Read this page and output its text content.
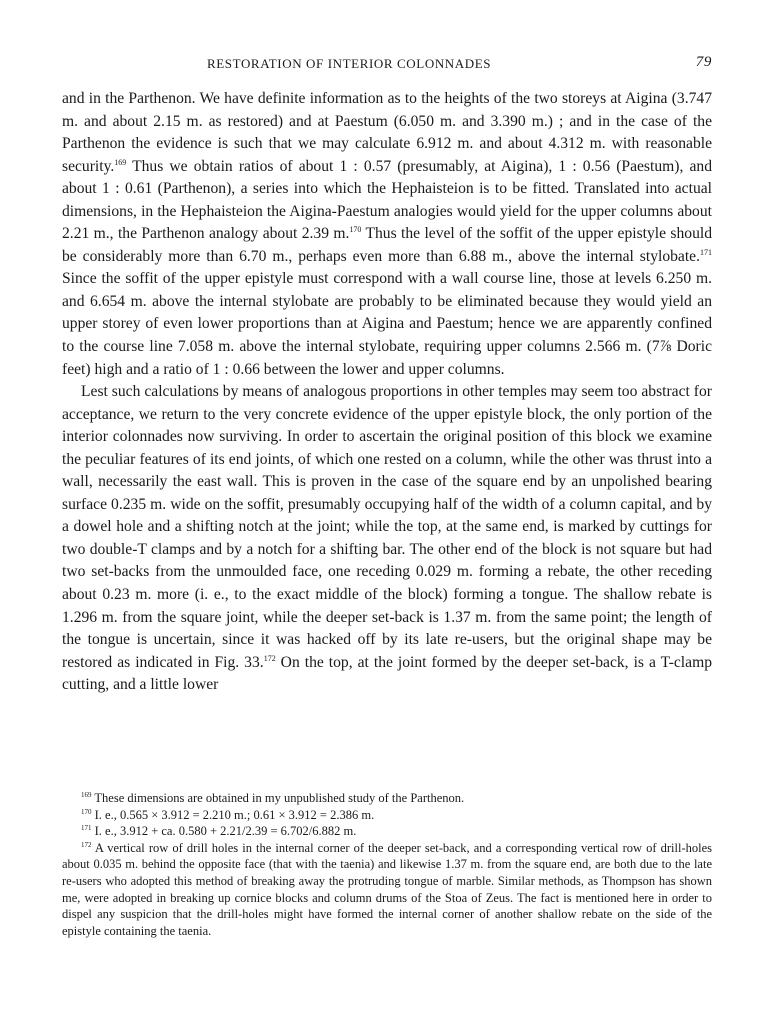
RESTORATION OF INTERIOR COLONNADES	79

and in the Parthenon. We have definite information as to the heights of the two storeys at Aigina (3.747 m. and about 2.15 m. as restored) and at Paestum (6.050 m. and 3.390 m.) ; and in the case of the Parthenon the evidence is such that we may calculate 6.912 m. and about 4.312 m. with reasonable security.$^{169}$ Thus we obtain ratios of about 1 : 0.57 (presumably, at Aigina), 1 : 0.56 (Paestum), and about 1 : 0.61 (Parthenon), a series into which the Hephaisteion is to be fitted. Translated into actual dimensions, in the Hephaisteion the Aigina-Paestum analogies would yield for the upper columns about 2.21 m., the Parthenon analogy about 2.39 m.$^{170}$ Thus the level of the soffit of the upper epistyle should be considerably more than 6.70 m., perhaps even more than 6.88 m., above the internal stylobate.$^{171}$ Since the soffit of the upper epistyle must correspond with a wall course line, those at levels 6.250 m. and 6.654 m. above the internal stylobate are probably to be eliminated because they would yield an upper storey of even lower proportions than at Aigina and Paestum; hence we are apparently confined to the course line 7.058 m. above the internal stylobate, requiring upper columns 2.566 m. (7⅞ Doric feet) high and a ratio of 1 : 0.66 between the lower and upper columns.

Lest such calculations by means of analogous proportions in other temples may seem too abstract for acceptance, we return to the very concrete evidence of the upper epistyle block, the only portion of the interior colonnades now surviving. In order to ascertain the original position of this block we examine the peculiar features of its end joints, of which one rested on a column, while the other was thrust into a wall, necessarily the east wall. This is proven in the case of the square end by an unpolished bearing surface 0.235 m. wide on the soffit, presumably occupying half of the width of a column capital, and by a dowel hole and a shifting notch at the joint; while the top, at the same end, is marked by cuttings for two double-T clamps and by a notch for a shifting bar. The other end of the block is not square but had two set-backs from the unmoulded face, one receding 0.029 m. forming a rebate, the other receding about 0.23 m. more (i. e., to the exact middle of the block) forming a tongue. The shallow rebate is 1.296 m. from the square joint, while the deeper set-back is 1.37 m. from the same point; the length of the tongue is uncertain, since it was hacked off by its late re-users, but the original shape may be restored as indicated in Fig. 33.$^{172}$ On the top, at the joint formed by the deeper set-back, is a T-clamp cutting, and a little lower

$^{169}$ These dimensions are obtained in my unpublished study of the Parthenon.

$^{170}$ I. e., 0.565 × 3.912 = 2.210 m.; 0.61 × 3.912 = 2.386 m.

$^{171}$ I. e., 3.912 + ca. 0.580 + 2.21/2.39 = 6.702/6.882 m.

$^{172}$ A vertical row of drill holes in the internal corner of the deeper set-back, and a corresponding vertical row of drill-holes about 0.035 m. behind the opposite face (that with the taenia) and likewise 1.37 m. from the square end, are both due to the late re-users who adopted this method of breaking away the protruding tongue of marble. Similar methods, as Thompson has shown me, were adopted in breaking up cornice blocks and column drums of the Stoa of Zeus. The fact is mentioned here in order to dispel any suspicion that the drill-holes might have formed the internal corner of another shallow rebate on the side of the epistyle containing the taenia.
